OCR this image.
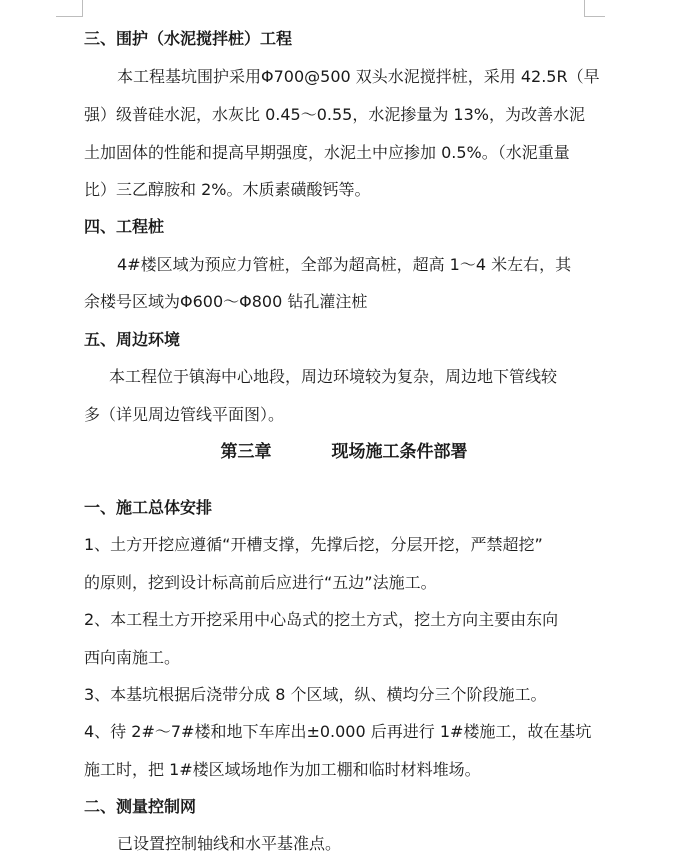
三、围护（水泥搅拌桩）工程
本工程基坑围护采用Φ700@500 双头水泥搅拌桩，采用 42.5R（早
强）级普硅水泥，水灰比 0.45～0.55，水泥掺量为 13%，为改善水泥
土加固体的性能和提高早期强度，水泥土中应掺加 0.5%。（水泥重量
比）三乙醇胺和 2%。木质素磺酸钙等。
四、工程桩
4#楼区域为预应力管桩，全部为超高桩，超高 1～4 米左右，其
余楼号区域为Φ600～Φ800 钻孔灌注桩
五、周边环境
本工程位于镇海中心地段，周边环境较为复杂，周边地下管线较
多（详见周边管线平面图）。
第三章	现场施工条件部署
一、施工总体安排
1、土方开挖应遵循“开槽支撑，先撑后挖，分层开挖，严禁超挖”
的原则，挖到设计标高前后应进行“五边”法施工。
2、本工程土方开挖采用中心岛式的挖土方式，挖土方向主要由东向
西向南施工。
3、本基坑根据后浇带分成 8 个区域，纵、横均分三个阶段施工。
4、待 2#～7#楼和地下车库出±0.000 后再进行 1#楼施工，故在基坑
施工时，把 1#楼区域场地作为加工棚和临时材料堆场。
二、测量控制网
已设置控制轴线和水平基准点。
